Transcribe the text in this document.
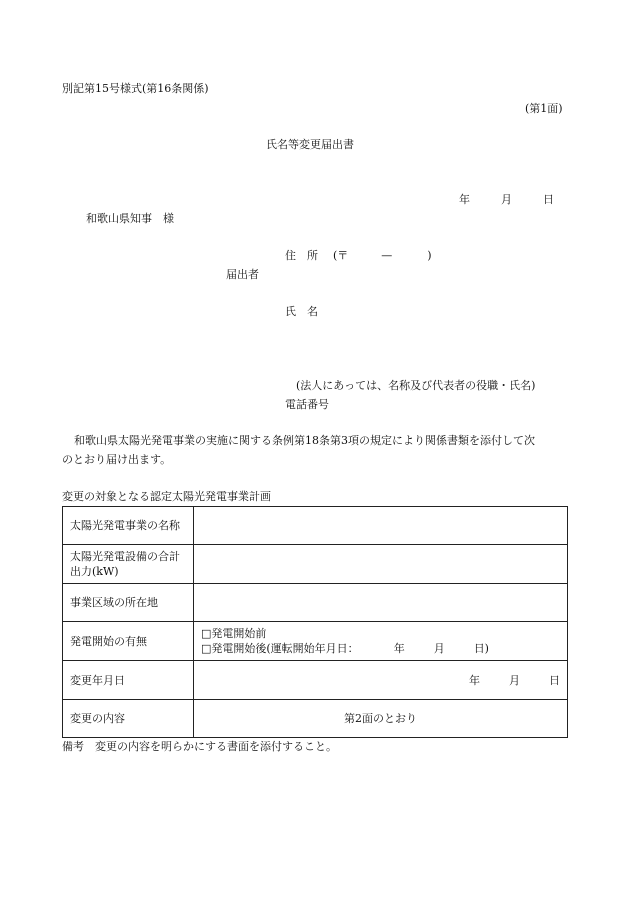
別記第15号様式(第16条関係)
(第1面)
氏名等変更届出書
年	月	日
和歌山県知事　様
住　所 (〒	—	)
届出者
氏　名
(法人にあっては、名称及び代表者の役職・氏名)
電話番号
和歌山県太陽光発電事業の実施に関する条例第18条第3項の規定により関係書類を添付して次
のとおり届け出ます。
変更の対象となる認定太陽光発電事業計画
太陽光発電事業の名称	
太陽光発電設備の合計
出力(kW)	
事業区域の所在地	
発電開始の有無	□発電開始前
□発電開始後(運転開始年月日： 年 月 日)

変更年月日	年 月 日
変更の内容	第2面のとおり
備考　変更の内容を明らかにする書面を添付すること。
